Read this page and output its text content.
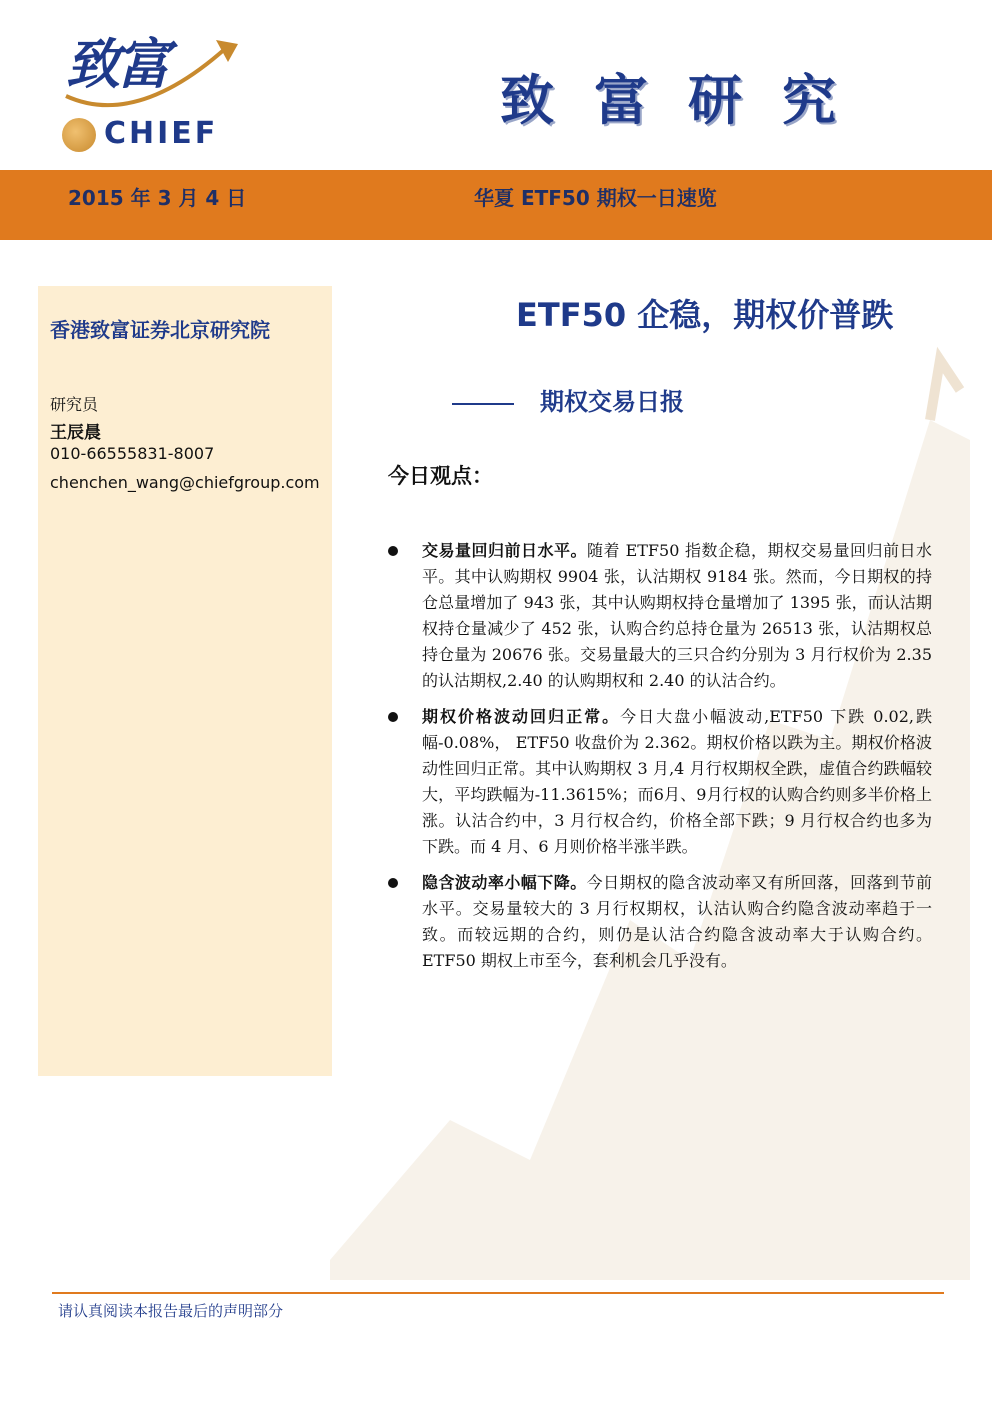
致富
CHIEF
致富研究
2015 年 3 月 4 日	华夏 ETF50 期权一日速览
香港致富证券北京研究院
研究员
王辰晨
010-66555831-8007
chenchen_wang@chiefgroup.com
ETF50 企稳，期权价普跌
期权交易日报
今日观点：
交易量回归前日水平。随着 ETF50 指数企稳，期权交易量回归前日水平。其中认购期权 9904 张，认沽期权 9184 张。然而，今日期权的持仓总量增加了 943 张，其中认购期权持仓量增加了 1395 张，而认沽期权持仓量减少了 452 张，认购合约总持仓量为 26513 张，认沽期权总持仓量为 20676 张。交易量最大的三只合约分别为 3 月行权价为 2.35 的认沽期权,2.40 的认购期权和 2.40 的认沽合约。
期权价格波动回归正常。今日大盘小幅波动,ETF50 下跌 0.02,跌幅-0.08%， ETF50 收盘价为 2.362。期权价格以跌为主。期权价格波动性回归正常。其中认购期权 3 月,4 月行权期权全跌，虚值合约跌幅较大，平均跌幅为-11.3615%；而6月、9月行权的认购合约则多半价格上涨。认沽合约中，3 月行权合约，价格全部下跌；9 月行权合约也多为下跌。而 4 月、6 月则价格半涨半跌。
隐含波动率小幅下降。今日期权的隐含波动率又有所回落，回落到节前水平。交易量较大的 3 月行权期权，认沽认购合约隐含波动率趋于一致。而较远期的合约，则仍是认沽合约隐含波动率大于认购合约。ETF50 期权上市至今，套利机会几乎没有。
请认真阅读本报告最后的声明部分
